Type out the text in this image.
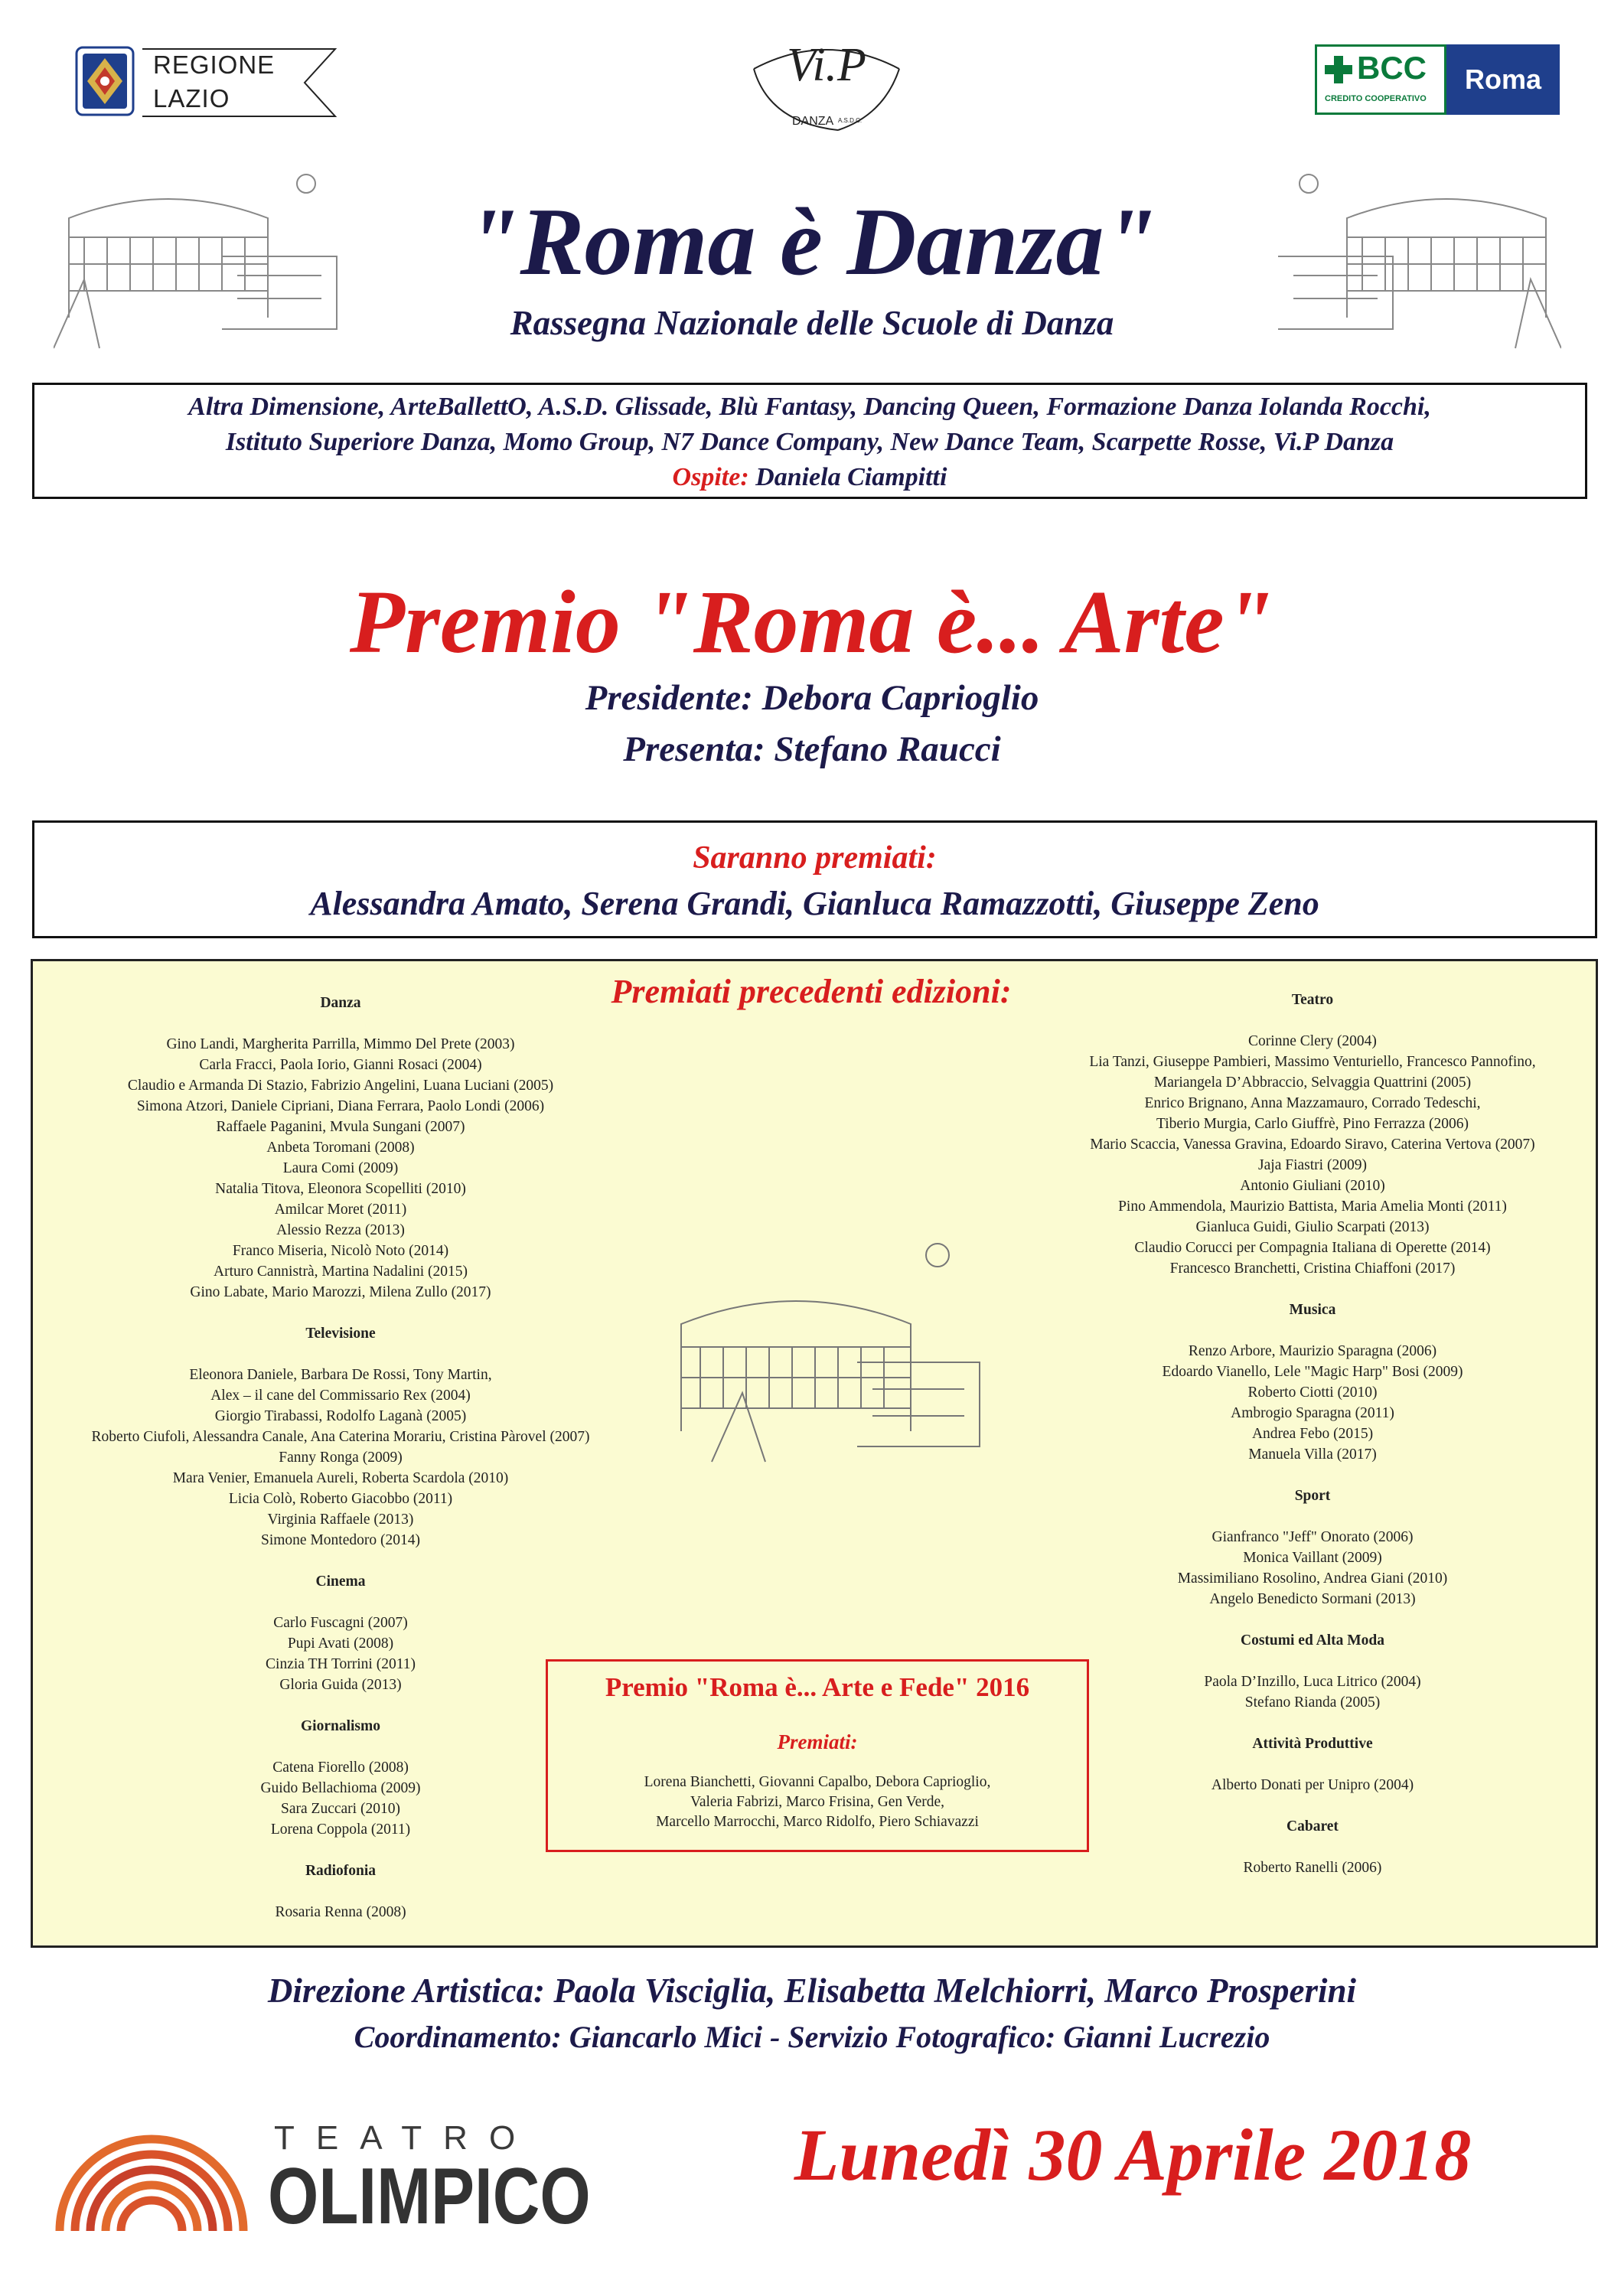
REGIONE
LAZIO
Vi.P
DANZA A.S.D.C.
BCC
CREDITO COOPERATIVO
Roma
"Roma è Danza"
Rassegna Nazionale delle Scuole di Danza
Altra Dimensione, ArteBallettO, A.S.D. Glissade, Blù Fantasy, Dancing Queen, Formazione Danza Iolanda Rocchi,
Istituto Superiore Danza, Momo Group, N7 Dance Company, New Dance Team, Scarpette Rosse, Vi.P Danza
Ospite: Daniela Ciampitti
Premio "Roma è... Arte"
Presidente: Debora Caprioglio
Presenta: Stefano Raucci
Saranno premiati:
Alessandra Amato, Serena Grandi, Gianluca Ramazzotti, Giuseppe Zeno
Premiati precedenti edizioni:
Danza
Gino Landi, Margherita Parrilla, Mimmo Del Prete (2003)
Carla Fracci, Paola Iorio, Gianni Rosaci (2004)
Claudio e Armanda Di Stazio, Fabrizio Angelini, Luana Luciani (2005)
Simona Atzori, Daniele Cipriani, Diana Ferrara, Paolo Londi (2006)
Raffaele Paganini, Mvula Sungani (2007)
Anbeta Toromani (2008)
Laura Comi (2009)
Natalia Titova, Eleonora Scopelliti (2010)
Amilcar Moret (2011)
Alessio Rezza (2013)
Franco Miseria, Nicolò Noto (2014)
Arturo Cannistrà, Martina Nadalini (2015)
Gino Labate, Mario Marozzi, Milena Zullo (2017)
Televisione
Eleonora Daniele, Barbara De Rossi, Tony Martin,
Alex – il cane del Commissario Rex (2004)
Giorgio Tirabassi, Rodolfo Laganà (2005)
Roberto Ciufoli, Alessandra Canale, Ana Caterina Morariu, Cristina Pàrovel (2007)
Fanny Ronga (2009)
Mara Venier, Emanuela Aureli, Roberta Scardola (2010)
Licia Colò, Roberto Giacobbo (2011)
Virginia Raffaele (2013)
Simone Montedoro (2014)
Cinema
Carlo Fuscagni (2007)
Pupi Avati (2008)
Cinzia TH Torrini (2011)
Gloria Guida (2013)
Giornalismo
Catena Fiorello (2008)
Guido Bellachioma (2009)
Sara Zuccari (2010)
Lorena Coppola (2011)
Radiofonia
Rosaria Renna (2008)
Teatro
Corinne Clery (2004)
Lia Tanzi, Giuseppe Pambieri, Massimo Venturiello, Francesco Pannofino,
Mariangela D’Abbraccio, Selvaggia Quattrini (2005)
Enrico Brignano, Anna Mazzamauro, Corrado Tedeschi,
Tiberio Murgia, Carlo Giuffrè, Pino Ferrazza (2006)
Mario Scaccia, Vanessa Gravina, Edoardo Siravo, Caterina Vertova (2007)
Jaja Fiastri (2009)
Antonio Giuliani (2010)
Pino Ammendola, Maurizio Battista, Maria Amelia Monti (2011)
Gianluca Guidi, Giulio Scarpati (2013)
Claudio Corucci per Compagnia Italiana di Operette (2014)
Francesco Branchetti, Cristina Chiaffoni (2017)
Musica
Renzo Arbore, Maurizio Sparagna (2006)
Edoardo Vianello, Lele "Magic Harp" Bosi (2009)
Roberto Ciotti (2010)
Ambrogio Sparagna (2011)
Andrea Febo (2015)
Manuela Villa (2017)
Sport
Gianfranco "Jeff" Onorato (2006)
Monica Vaillant (2009)
Massimiliano Rosolino, Andrea Giani (2010)
Angelo Benedicto Sormani (2013)
Costumi ed Alta Moda
Paola D’Inzillo, Luca Litrico (2004)
Stefano Rianda (2005)
Attività Produttive
Alberto Donati per Unipro (2004)
Cabaret
Roberto Ranelli (2006)
Premio "Roma è... Arte e Fede" 2016
Premiati:
Lorena Bianchetti, Giovanni Capalbo, Debora Caprioglio,
Valeria Fabrizi, Marco Frisina, Gen Verde,
Marcello Marrocchi, Marco Ridolfo, Piero Schiavazzi
Direzione Artistica: Paola Visciglia, Elisabetta Melchiorri, Marco Prosperini
Coordinamento: Giancarlo Mici - Servizio Fotografico: Gianni Lucrezio
TEATRO
OLIMPICO	Lunedì 30 Aprile 2018
